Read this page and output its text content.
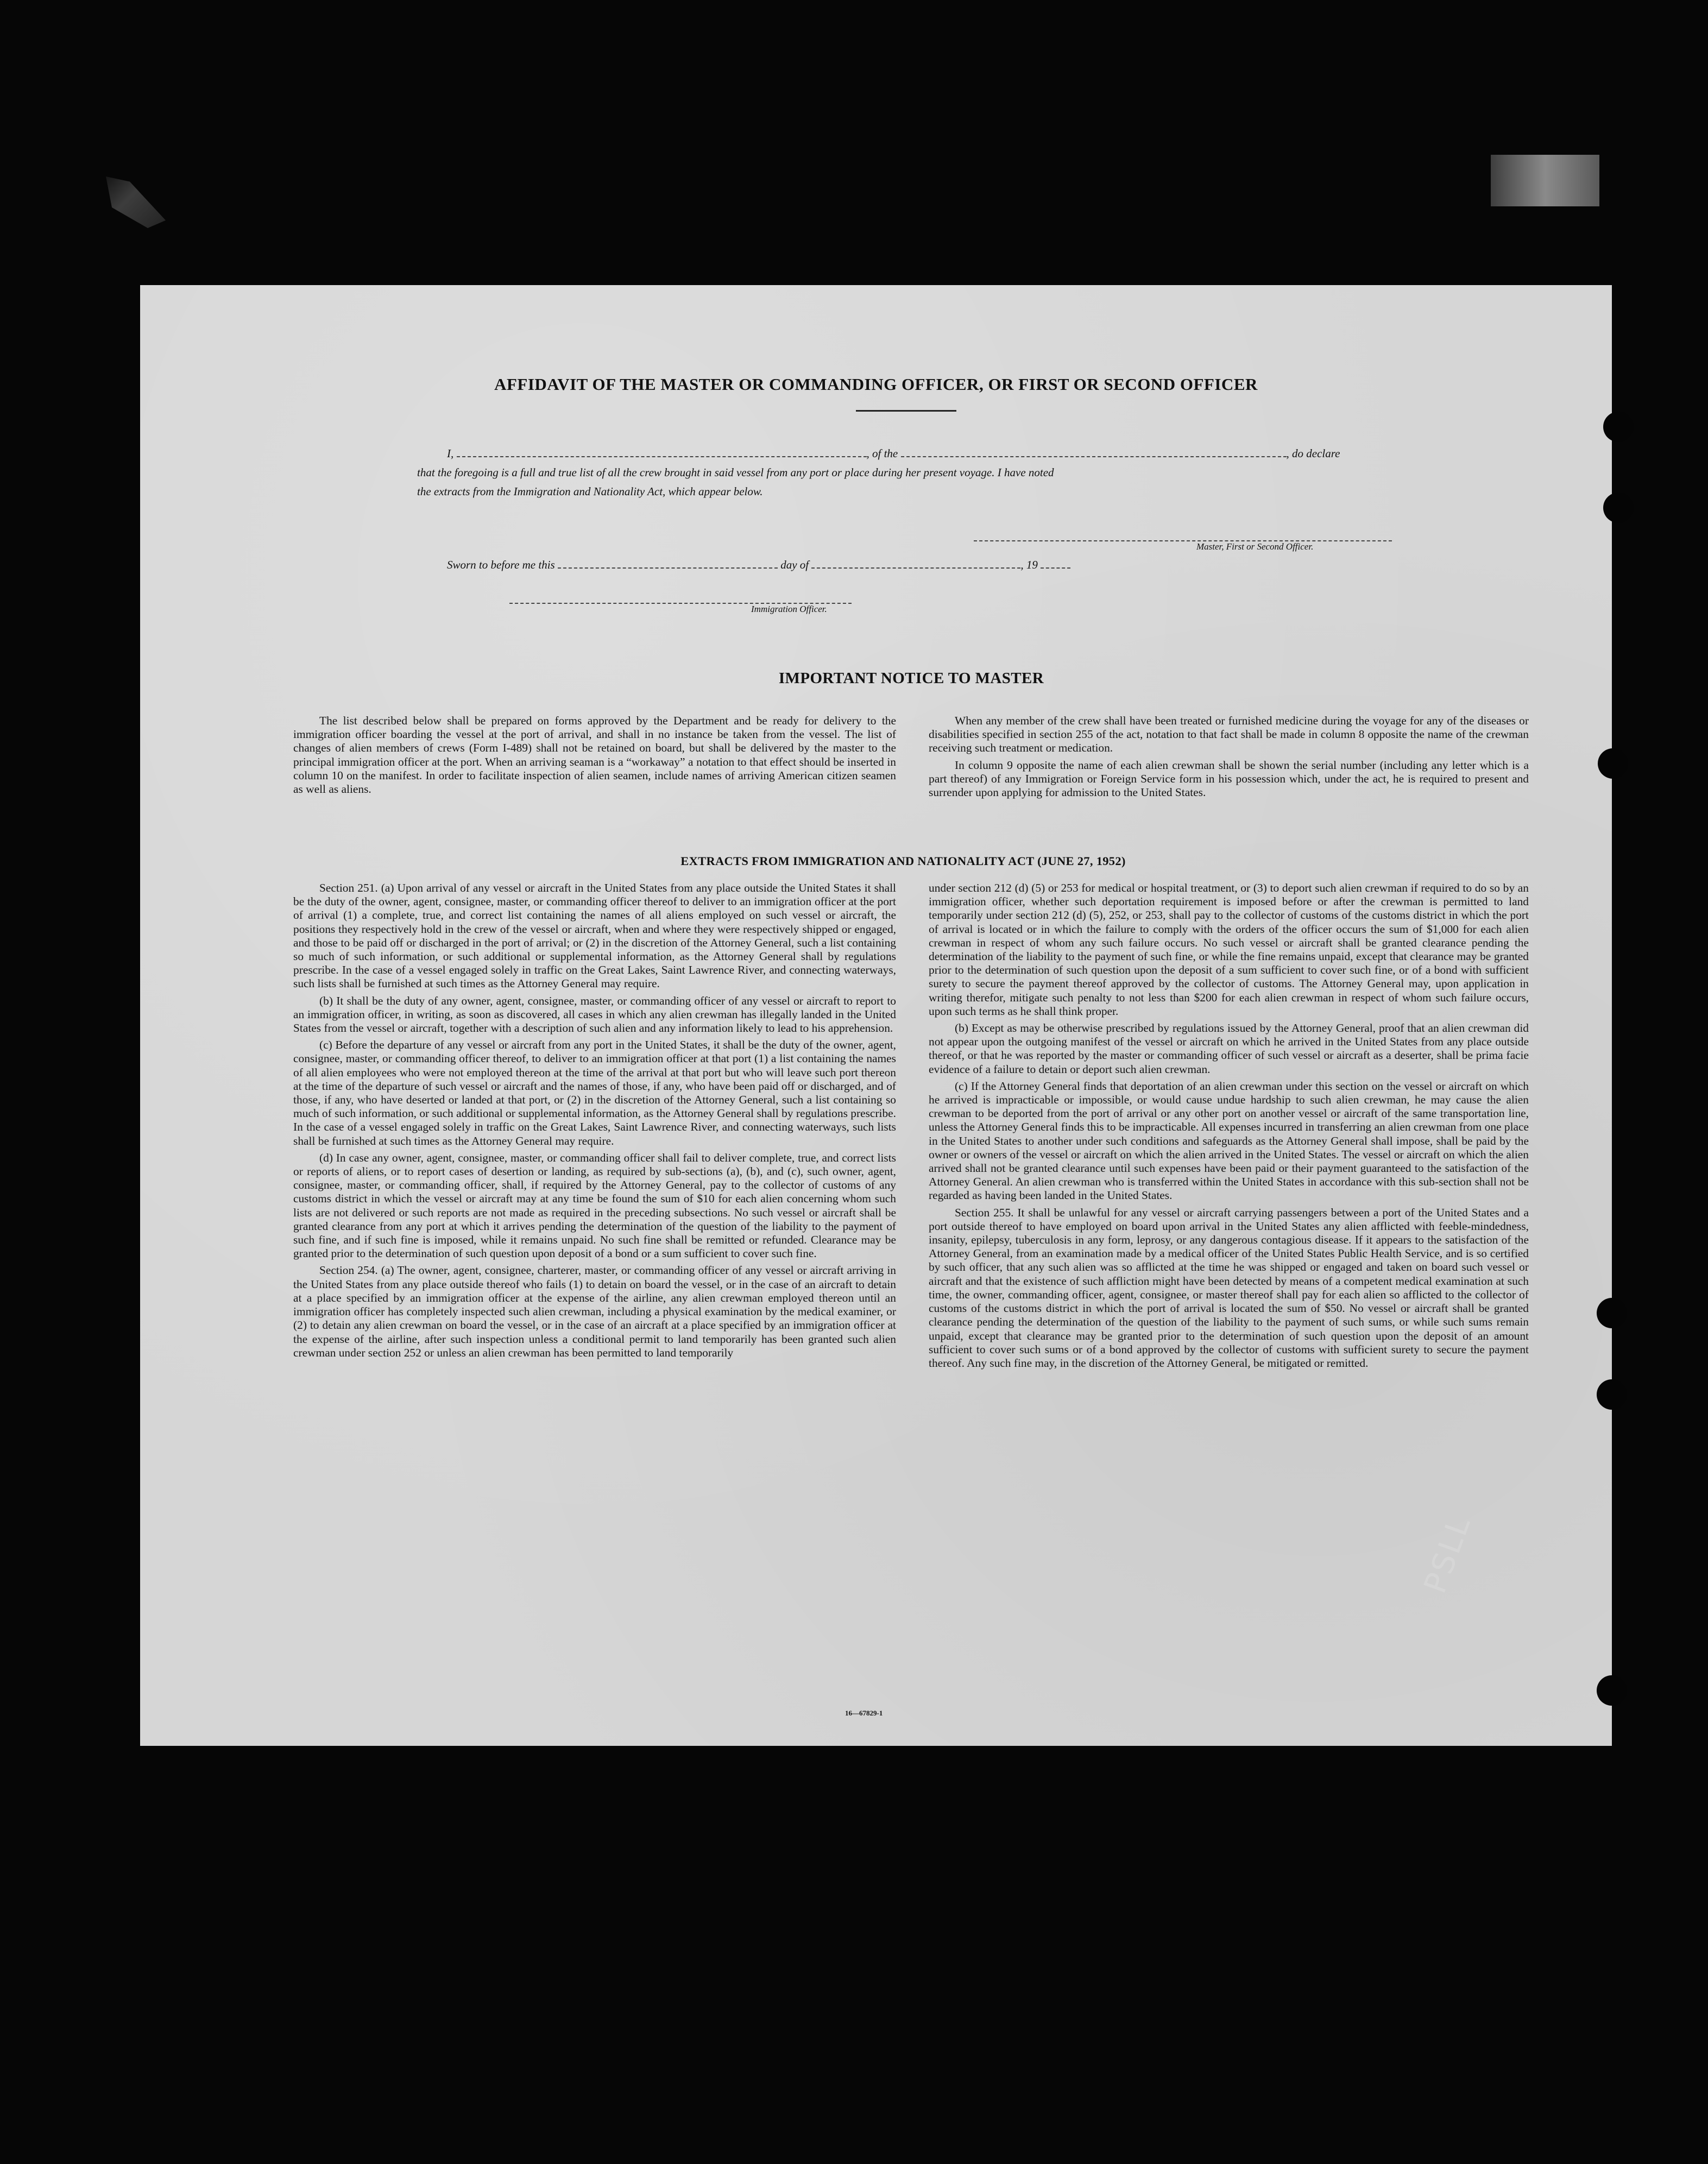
AFFIDAVIT OF THE MASTER OR COMMANDING OFFICER, OR FIRST OR SECOND OFFICER
I,	, of the	, do declare
that the foregoing is a full and true list of all the crew brought in said vessel from any port or place during her present voyage. I have noted
the extracts from the Immigration and Nationality Act, which appear below.
Master, First or Second Officer.
Sworn to before me this	day of	, 19
Immigration Officer.
IMPORTANT NOTICE TO MASTER

The list described below shall be prepared on forms approved by the Department and be ready for delivery to the immigration officer boarding the vessel at the port of arrival, and shall in no instance be taken from the vessel. The list of changes of alien members of crews (Form I-489) shall not be retained on board, but shall be delivered by the master to the principal immigration officer at the port. When an arriving seaman is a “workaway” a notation to that effect should be inserted in column 10 on the manifest. In order to facilitate inspection of alien seamen, include names of arriving American citizen seamen as well as aliens.

When any member of the crew shall have been treated or furnished medicine during the voyage for any of the diseases or disabilities specified in section 255 of the act, notation to that fact shall be made in column 8 opposite the name of the crewman receiving such treatment or medication.

In column 9 opposite the name of each alien crewman shall be shown the serial number (including any letter which is a part thereof) of any Immigration or Foreign Service form in his possession which, under the act, he is required to present and surrender upon applying for admission to the United States.

EXTRACTS FROM IMMIGRATION AND NATIONALITY ACT (JUNE 27, 1952)

Section 251. (a) Upon arrival of any vessel or aircraft in the United States from any place outside the United States it shall be the duty of the owner, agent, consignee, master, or commanding officer thereof to deliver to an immigration officer at the port of arrival (1) a complete, true, and correct list containing the names of all aliens employed on such vessel or aircraft, the positions they respectively hold in the crew of the vessel or aircraft, when and where they were respectively shipped or engaged, and those to be paid off or discharged in the port of arrival; or (2) in the discretion of the Attorney General, such a list containing so much of such information, or such additional or supplemental information, as the Attorney General shall by regulations prescribe. In the case of a vessel engaged solely in traffic on the Great Lakes, Saint Lawrence River, and connecting waterways, such lists shall be furnished at such times as the Attorney General may require.

(b) It shall be the duty of any owner, agent, consignee, master, or commanding officer of any vessel or aircraft to report to an immigration officer, in writing, as soon as discovered, all cases in which any alien crewman has illegally landed in the United States from the vessel or aircraft, together with a description of such alien and any information likely to lead to his apprehension.

(c) Before the departure of any vessel or aircraft from any port in the United States, it shall be the duty of the owner, agent, consignee, master, or commanding officer thereof, to deliver to an immigration officer at that port (1) a list containing the names of all alien employees who were not employed thereon at the time of the arrival at that port but who will leave such port thereon at the time of the departure of such vessel or aircraft and the names of those, if any, who have been paid off or discharged, and of those, if any, who have deserted or landed at that port, or (2) in the discretion of the Attorney General, such a list containing so much of such information, or such additional or supplemental information, as the Attorney General shall by regulations prescribe. In the case of a vessel engaged solely in traffic on the Great Lakes, Saint Lawrence River, and connecting waterways, such lists shall be furnished at such times as the Attorney General may require.

(d) In case any owner, agent, consignee, master, or commanding officer shall fail to deliver complete, true, and correct lists or reports of aliens, or to report cases of desertion or landing, as required by sub-sections (a), (b), and (c), such owner, agent, consignee, master, or commanding officer, shall, if required by the Attorney General, pay to the collector of customs of any customs district in which the vessel or aircraft may at any time be found the sum of $10 for each alien concerning whom such lists are not delivered or such reports are not made as required in the preceding subsections. No such vessel or aircraft shall be granted clearance from any port at which it arrives pending the determination of the question of the liability to the payment of such fine, and if such fine is imposed, while it remains unpaid. No such fine shall be remitted or refunded. Clearance may be granted prior to the determination of such question upon deposit of a bond or a sum sufficient to cover such fine.

Section 254. (a) The owner, agent, consignee, charterer, master, or commanding officer of any vessel or aircraft arriving in the United States from any place outside thereof who fails (1) to detain on board the vessel, or in the case of an aircraft to detain at a place specified by an immigration officer at the expense of the airline, any alien crewman employed thereon until an immigration officer has completely inspected such alien crewman, including a physical examination by the medical examiner, or (2) to detain any alien crewman on board the vessel, or in the case of an aircraft at a place specified by an immigration officer at the expense of the airline, after such inspection unless a conditional permit to land temporarily has been granted such alien crewman under section 252 or unless an alien crewman has been permitted to land temporarily

under section 212 (d) (5) or 253 for medical or hospital treatment, or (3) to deport such alien crewman if required to do so by an immigration officer, whether such deportation requirement is imposed before or after the crewman is permitted to land temporarily under section 212 (d) (5), 252, or 253, shall pay to the collector of customs of the customs district in which the port of arrival is located or in which the failure to comply with the orders of the officer occurs the sum of $1,000 for each alien crewman in respect of whom any such failure occurs. No such vessel or aircraft shall be granted clearance pending the determination of the liability to the payment of such fine, or while the fine remains unpaid, except that clearance may be granted prior to the determination of such question upon the deposit of a sum sufficient to cover such fine, or of a bond with sufficient surety to secure the payment thereof approved by the collector of customs. The Attorney General may, upon application in writing therefor, mitigate such penalty to not less than $200 for each alien crewman in respect of whom such failure occurs, upon such terms as he shall think proper.

(b) Except as may be otherwise prescribed by regulations issued by the Attorney General, proof that an alien crewman did not appear upon the outgoing manifest of the vessel or aircraft on which he arrived in the United States from any place outside thereof, or that he was reported by the master or commanding officer of such vessel or aircraft as a deserter, shall be prima facie evidence of a failure to detain or deport such alien crewman.

(c) If the Attorney General finds that deportation of an alien crewman under this section on the vessel or aircraft on which he arrived is impracticable or impossible, or would cause undue hardship to such alien crewman, he may cause the alien crewman to be deported from the port of arrival or any other port on another vessel or aircraft of the same transportation line, unless the Attorney General finds this to be impracticable. All expenses incurred in transferring an alien crewman from one place in the United States to another under such conditions and safeguards as the Attorney General shall impose, shall be paid by the owner or owners of the vessel or aircraft on which the alien arrived in the United States. The vessel or aircraft on which the alien arrived shall not be granted clearance until such expenses have been paid or their payment guaranteed to the satisfaction of the Attorney General. An alien crewman who is transferred within the United States in accordance with this sub-section shall not be regarded as having been landed in the United States.

Section 255. It shall be unlawful for any vessel or aircraft carrying passengers between a port of the United States and a port outside thereof to have employed on board upon arrival in the United States any alien afflicted with feeble-mindedness, insanity, epilepsy, tuberculosis in any form, leprosy, or any dangerous contagious disease. If it appears to the satisfaction of the Attorney General, from an examination made by a medical officer of the United States Public Health Service, and is so certified by such officer, that any such alien was so afflicted at the time he was shipped or engaged and taken on board such vessel or aircraft and that the existence of such affliction might have been detected by means of a competent medical examination at such time, the owner, commanding officer, agent, consignee, or master thereof shall pay for each alien so afflicted to the collector of customs of the customs district in which the port of arrival is located the sum of $50. No vessel or aircraft shall be granted clearance pending the determination of the question of the liability to the payment of such sums, or while such sums remain unpaid, except that clearance may be granted prior to the determination of such question upon the deposit of an amount sufficient to cover such sums or of a bond approved by the collector of customs with sufficient surety to secure the payment thereof. Any such fine may, in the discretion of the Attorney General, be mitigated or remitted.

16—67829-1
PSLL
